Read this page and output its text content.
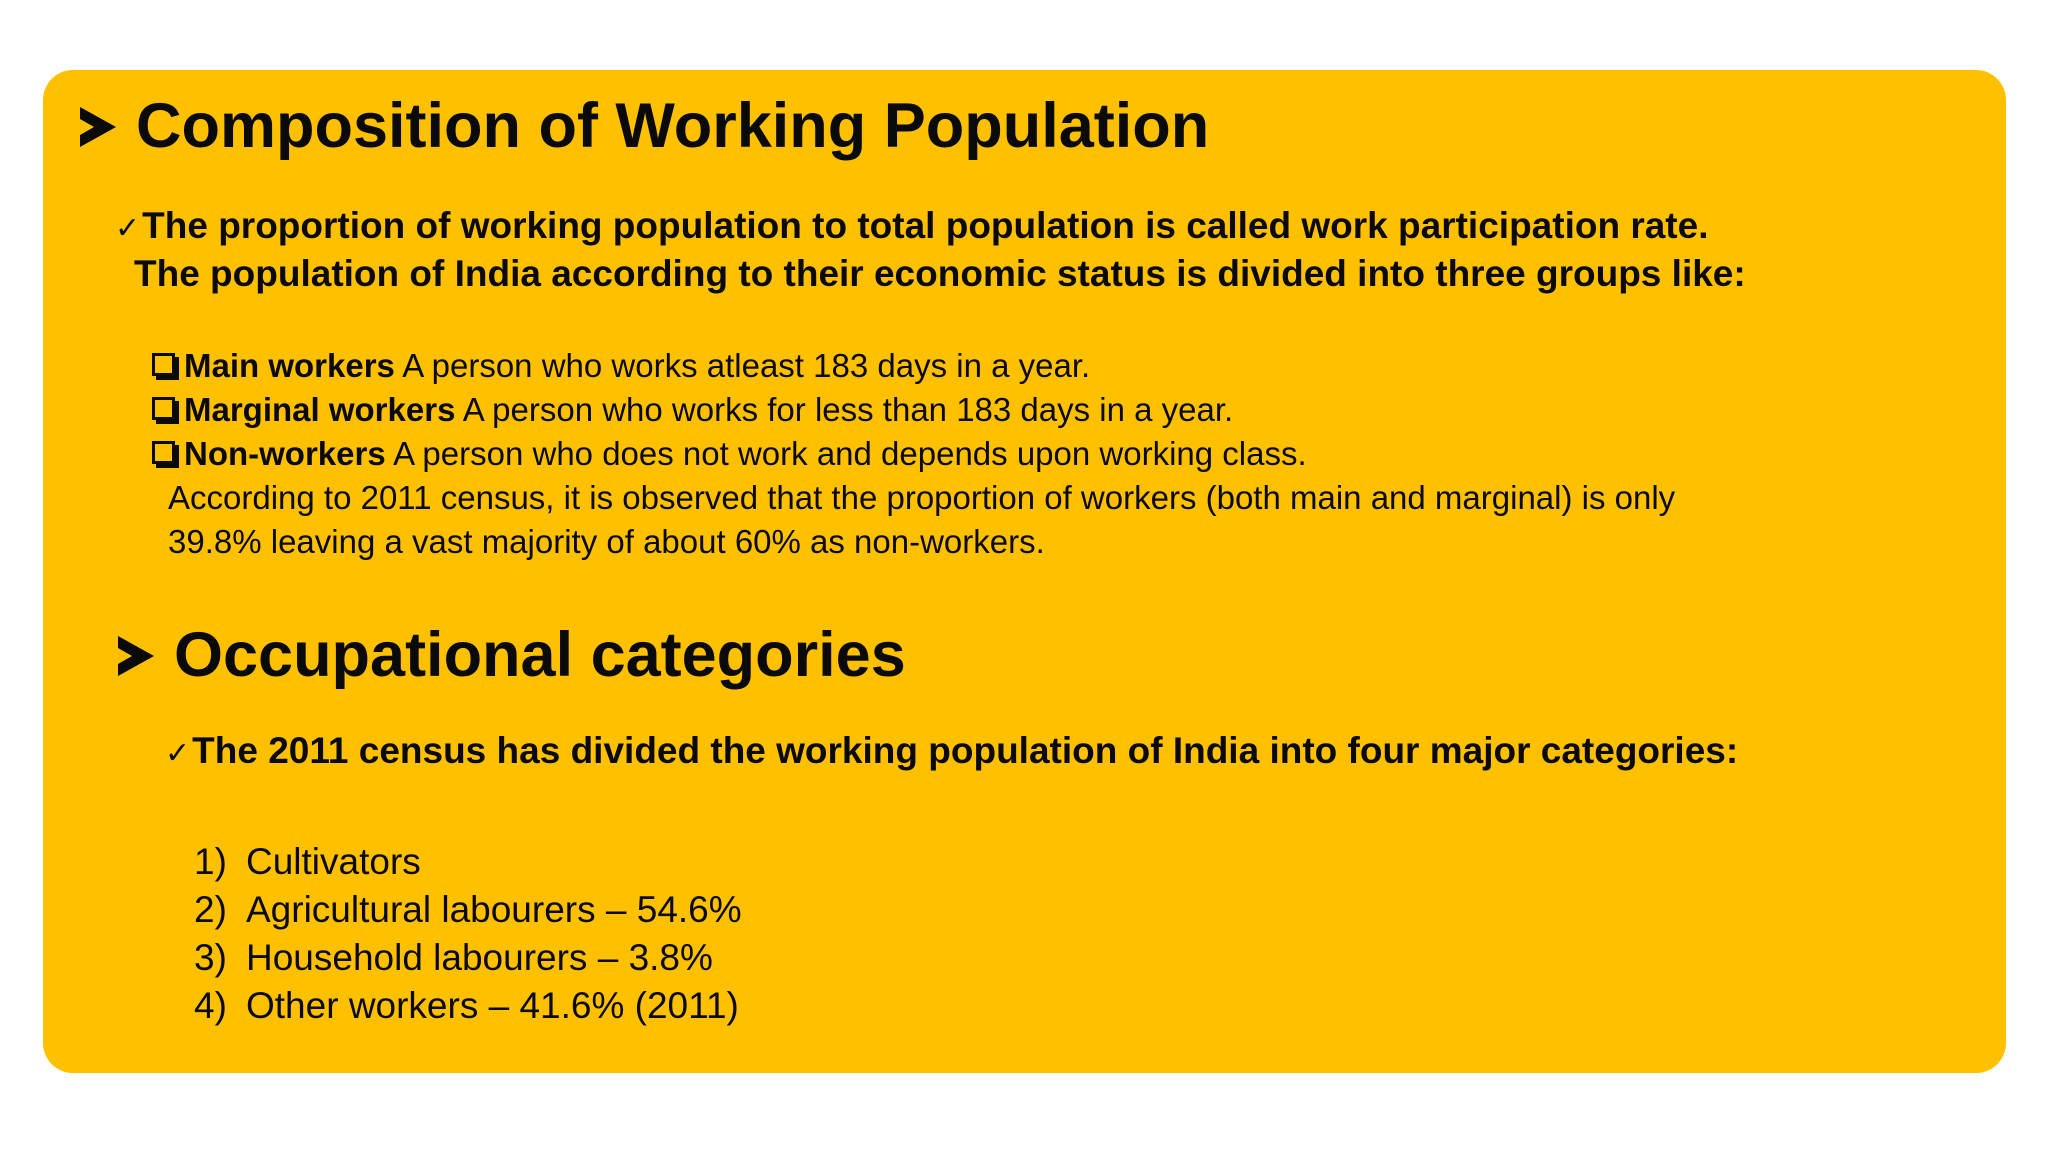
Composition of Working Population
✓The proportion of working population to total population is called work participation rate.
The population of India according to their economic status is divided into three groups like:
Main workers A person who works atleast 183 days in a year.
Marginal workers A person who works for less than 183 days in a year.
Non-workers A person who does not work and depends upon working class.
According to 2011 census, it is observed that the proportion of workers (both main and marginal) is only
39.8% leaving a vast majority of about 60% as non-workers.
Occupational categories
✓The 2011 census has divided the working population of India into four major categories:
1) Cultivators
2) Agricultural labourers – 54.6%
3) Household labourers – 3.8%
4) Other workers – 41.6% (2011)
